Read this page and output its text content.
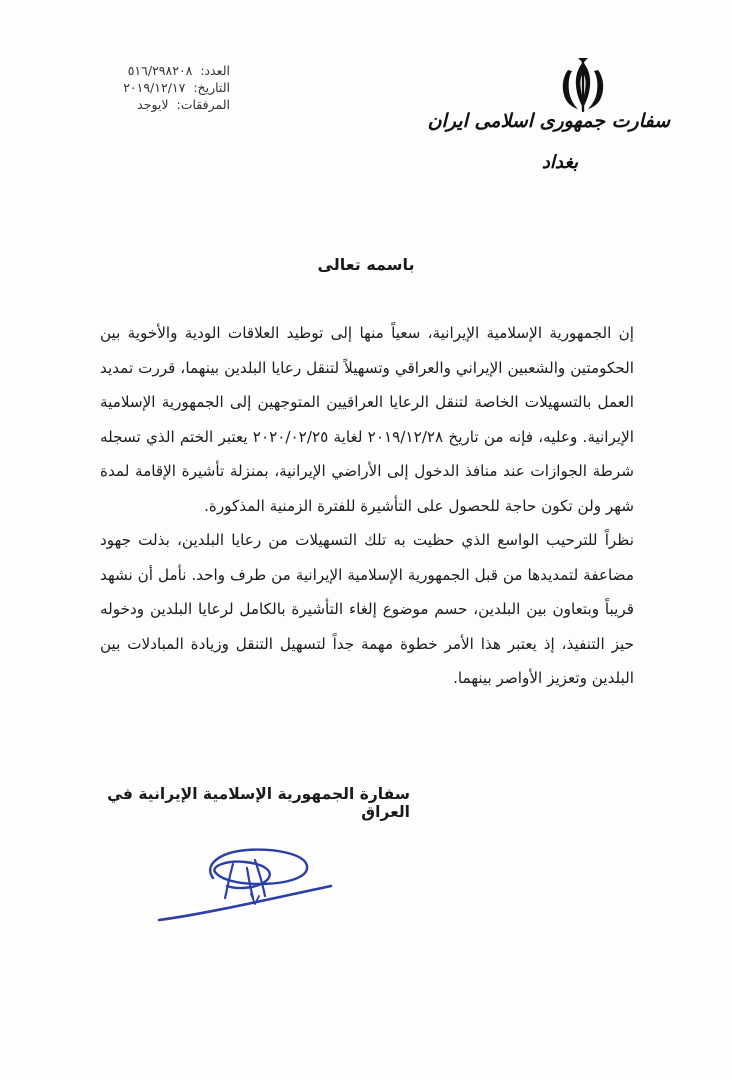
العدد: ٥١٦/٢٩٨٢٠٨
التاريخ: ٢٠١٩/١٢/١٧
المرفقات: لايوجد
سفارت جمهوری اسلامی ایران
بغداد
باسمه تعالى

إن الجمهورية الإسلامية الإيرانية، سعياً منها إلى توطيد العلاقات الودية والأخوية بين الحكومتين والشعبين الإيراني والعراقي وتسهيلاً لتنقل رعايا البلدين بينهما، قررت تمديد العمل بالتسهيلات الخاصة لتنقل الرعايا العراقيين المتوجهين إلى الجمهورية الإسلامية الإيرانية. وعليه، فإنه من تاريخ ٢٠١٩/١٢/٢٨ لغاية ٢٠٢٠/٠٢/٢٥ يعتبر الختم الذي تسجله شرطة الجوازات عند منافذ الدخول إلى الأراضي الإيرانية، بمنزلة تأشيرة الإقامة لمدة شهر ولن تكون حاجة للحصول على التأشيرة للفترة الزمنية المذكورة.

نظراً للترحيب الواسع الذي حظيت به تلك التسهيلات من رعايا البلدين، بذلت جهود مضاعفة لتمديدها من قبل الجمهورية الإسلامية الإيرانية من طرف واحد. نأمل أن نشهد قريباً وبتعاون بين البلدين، حسم موضوع إلغاء التأشيرة بالكامل لرعايا البلدين ودخوله حيز التنفيذ، إذ يعتبر هذا الأمر خطوة مهمة جداً لتسهيل التنقل وزيادة المبادلات بين البلدين وتعزيز الأواصر بينهما.

سفارة الجمهورية الإسلامية الإيرانية في العراق
